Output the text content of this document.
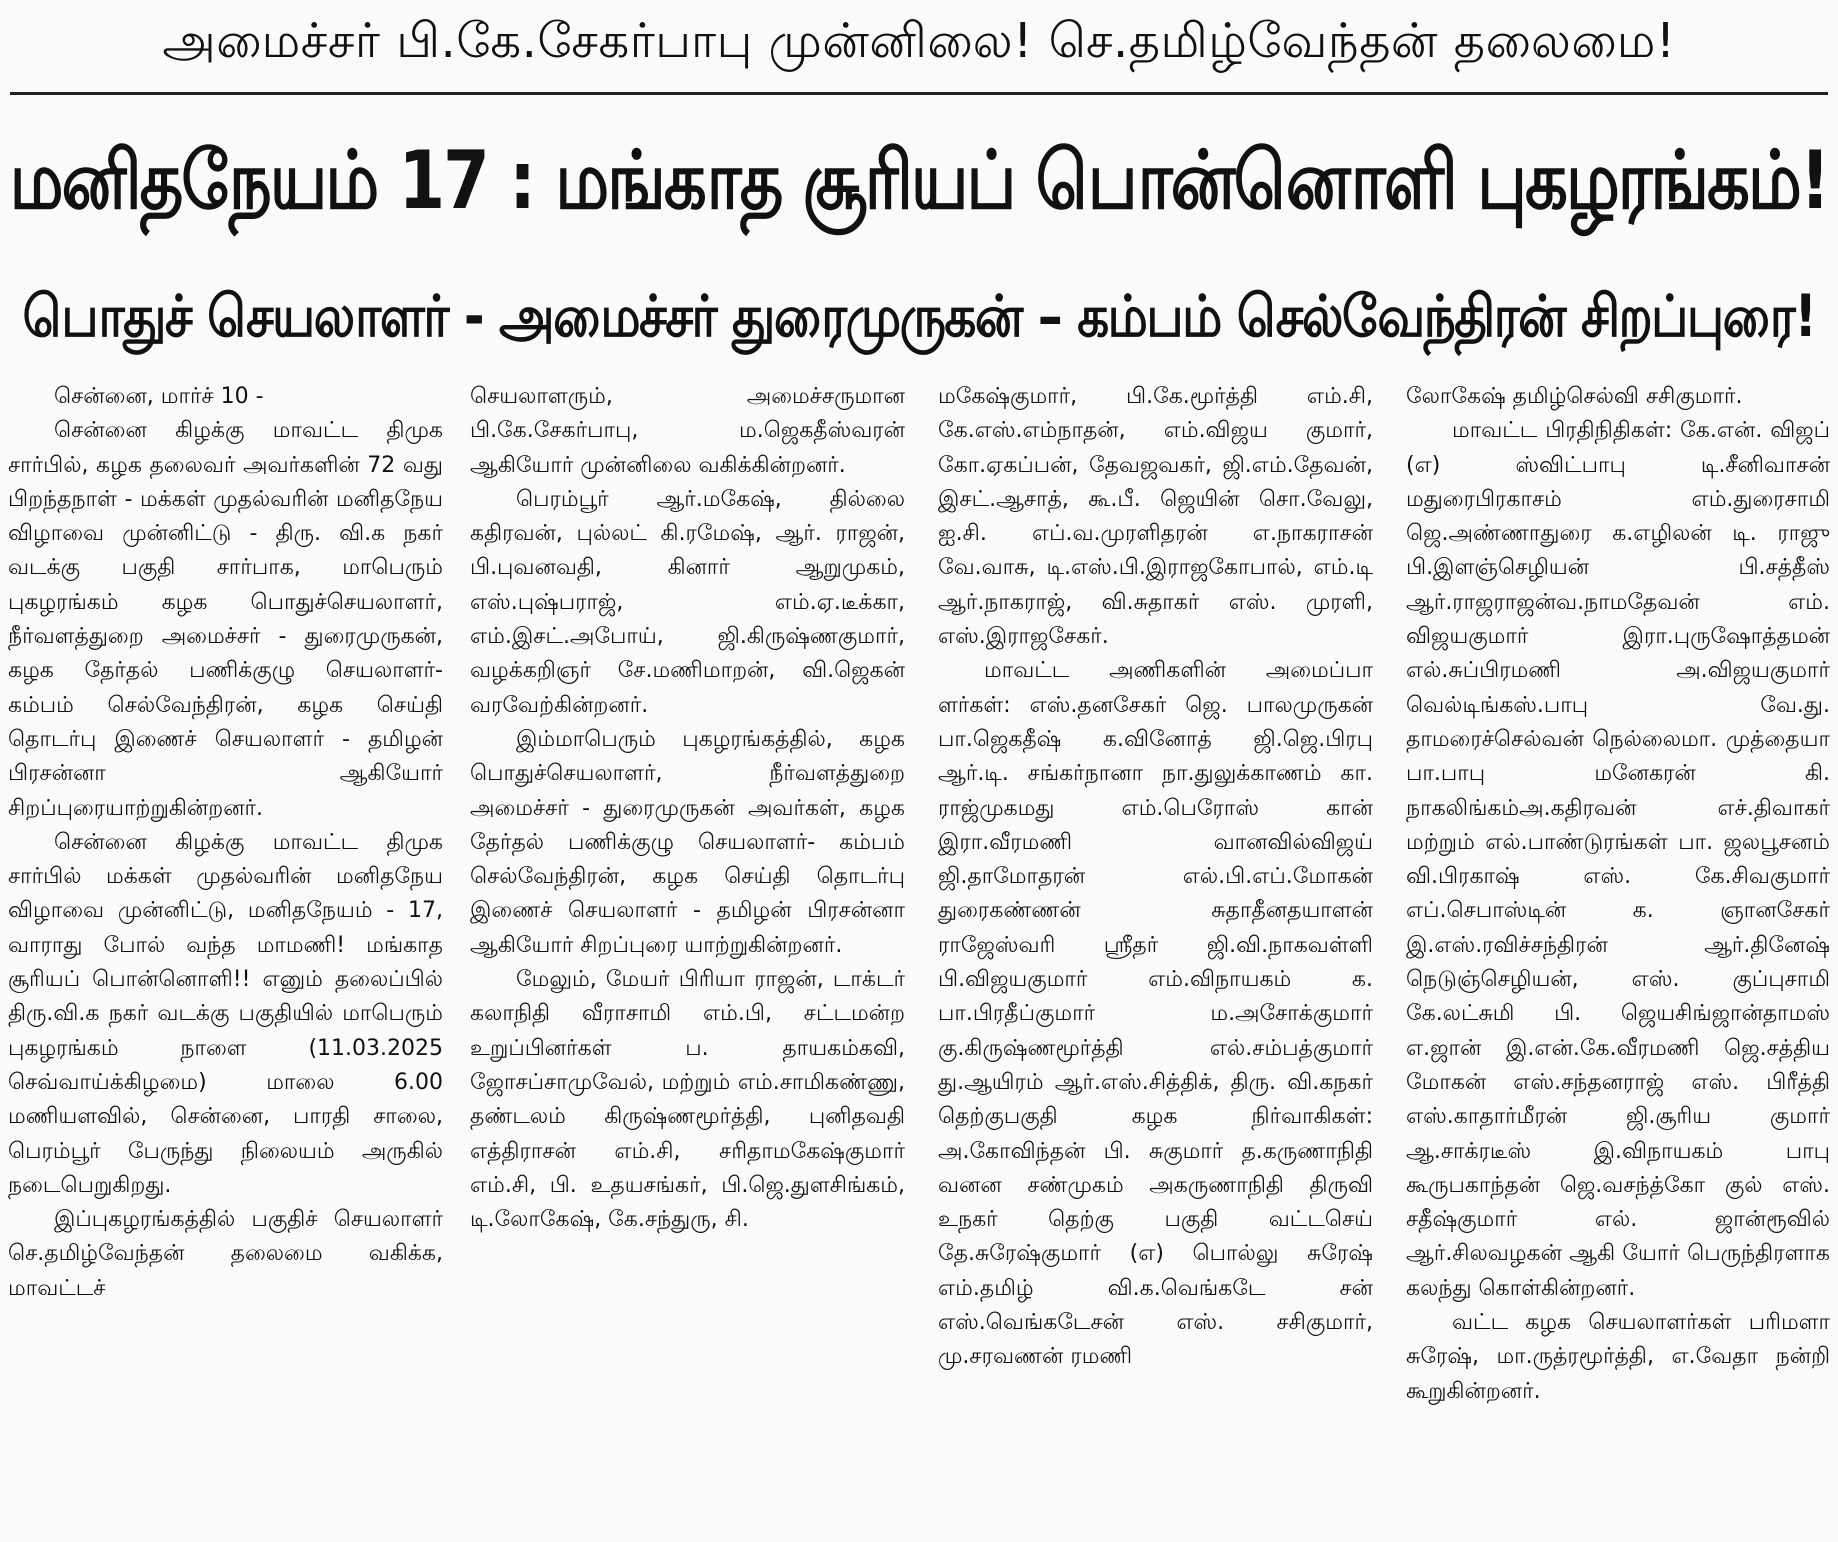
அமைச்சர் பி.கே.சேகர்பாபு முன்னிலை! செ.தமிழ்வேந்தன் தலைமை!
மனிதநேயம் 17 : மங்காத சூரியப் பொன்னொளி புகழரங்கம்!
பொதுச் செயலாளர் - அமைச்சர் துரைமுருகன் – கம்பம் செல்வேந்திரன் சிறப்புரை!

சென்னை, மார்ச் 10 -

சென்னை கிழக்கு மாவட்ட திமுக சார்பில், கழக தலைவர் அவர்களின் 72 வது பிறந்தநாள் - மக்கள் முதல்வரின் மனிதநேய விழாவை முன்னிட்டு - திரு. வி.க நகர் வடக்கு பகுதி சார்பாக, மாபெரும் புகழரங்கம் கழக பொதுச்செயலாளர், நீர்வளத்துறை அமைச்சர் - துரைமுருகன், கழக தேர்தல் பணிக்குழு செயலாளர்- கம்பம் செல்வேந்திரன், கழக செய்தி தொடர்பு இணைச் செயலாளர் - தமிழன் பிரசன்னா ஆகியோர் சிறப்புரையாற்றுகின்றனர்.

சென்னை கிழக்கு மாவட்ட திமுக சார்பில் மக்கள் முதல்வரின் மனிதநேய விழாவை முன்னிட்டு, மனிதநேயம் - 17, வாராது போல் வந்த மாமணி! மங்காத சூரியப் பொன்னொளி!! எனும் தலைப்பில் திரு.வி.க நகர் வடக்கு பகுதியில் மாபெரும் புகழரங்கம் நாளை (11.03.2025 செவ்வாய்க்கிழமை) மாலை 6.00 மணியளவில், சென்னை, பாரதி சாலை, பெரம்பூர் பேருந்து நிலையம் அருகில் நடைபெறுகிறது.

இப்புகழரங்கத்தில் பகுதிச் செயலாளர் செ.தமிழ்வேந்தன் தலைமை வகிக்க, மாவட்டச்

செயலாளரும், அமைச்சருமான பி.கே.சேகர்பாபு, ம.ஜெகதீஸ்வரன் ஆகியோர் முன்னிலை வகிக்கின்றனர்.

பெரம்பூர் ஆர்.மகேஷ், தில்லை கதிரவன், புல்லட் கி.ரமேஷ், ஆர். ராஜன், பி.புவனவதி, கினார் ஆறுமுகம், எஸ்.புஷ்பராஜ், எம்.ஏ.டீக்கா, எம்.இசட்.அபோய், ஜி.கிருஷ்ணகுமார், வழக்கறிஞர் சே.மணிமாறன், வி.ஜெகன் வரவேற்கின்றனர்.

இம்மாபெரும் புகழரங்கத்தில், கழக பொதுச்செயலாளர், நீர்வளத்துறை அமைச்சர் - துரைமுருகன் அவர்கள், கழக தேர்தல் பணிக்குழு செயலாளர்- கம்பம் செல்வேந்திரன், கழக செய்தி தொடர்பு இணைச் செயலாளர் - தமிழன் பிரசன்னா ஆகியோர் சிறப்புரை யாற்றுகின்றனர்.

மேலும், மேயர் பிரியா ராஜன், டாக்டர் கலாநிதி வீராசாமி எம்.பி, சட்டமன்ற உறுப்பினர்கள் ப. தாயகம்கவி, ஜோசப்சாமுவேல், மற்றும் எம்.சாமிகண்ணு, தண்டலம் கிருஷ்ணமூர்த்தி, புனிதவதி எத்திராசன் எம்.சி, சரிதாமகேஷ்குமார் எம்.சி, பி. உதயசங்கர், பி.ஜெ.துளசிங்கம், டி.லோகேஷ், கே.சந்துரு, சி.

மகேஷ்குமார், பி.கே.மூர்த்தி எம்.சி, கே.எஸ்.எம்நாதன், எம்.விஜய குமார், கோ.ஏகப்பன், தேவஜவகர், ஜி.எம்.தேவன், இசட்.ஆசாத், கூ.பீ. ஜெயின் சொ.வேலு, ஐ.சி. எப்.வ.முரளிதரன் எ.நாகராசன் வே.வாசு, டி.எஸ்.பி.இராஜகோபால், எம்.டி ஆர்.நாகராஜ், வி.சுதாகர் எஸ். முரளி, எஸ்.இராஜசேகர்.

மாவட்ட அணிகளின் அமைப்பா ளர்கள்: எஸ்.தனசேகர் ஜெ. பாலமுருகன் பா.ஜெகதீஷ் க.வினோத் ஜி.ஜெ.பிரபு ஆர்.டி. சங்கர்நானா நா.துலுக்காணம் கா. ராஜ்முகமது எம்.பெரோஸ் கான் இரா.வீரமணி வானவில்விஜய் ஜி.தாமோதரன் எல்.பி.எப்.மோகன் துரைகண்ணன் சுதாதீனதயாளன் ராஜேஸ்வரி ஸ்ரீதர் ஜி.வி.நாகவள்ளி பி.விஜயகுமார் எம்.விநாயகம் க. பா.பிரதீப்குமார் ம.அசோக்குமார் கு.கிருஷ்ணமூர்த்தி எல்.சம்பத்குமார் து.ஆயிரம் ஆர்.எஸ்.சித்திக், திரு. வி.கநகர் தெற்குபகுதி கழக நிர்வாகிகள்: அ.கோவிந்தன் பி. சுகுமார் த.கருணாநிதி வனன சண்முகம் அகருணாநிதி திருவி உநகர் தெற்கு பகுதி வட்டசெய் தே.சுரேஷ்குமார் (எ) பொல்லு சுரேஷ் எம்.தமிழ் வி.க.வெங்கடே சன் எஸ்.வெங்கடேசன் எஸ். சசிகுமார், மு.சரவணன் ரமணி

லோகேஷ் தமிழ்செல்வி சசிகுமார்.

மாவட்ட பிரதிநிதிகள்: கே.என். விஜப் (எ) ஸ்விட்பாபு டி.சீனிவாசன் மதுரைபிரகாசம் எம்.துரைசாமி ஜெ.அண்ணாதுரை க.எழிலன் டி. ராஜு பி.இளஞ்செழியன் பி.சத்தீஸ் ஆர்.ராஜராஜன்வ.நாமதேவன் எம். விஜயகுமார் இரா.புருஷோத்தமன் எல்.சுப்பிரமணி அ.விஜயகுமார் வெல்டிங்கஸ்.பாபு வே.து. தாமரைச்செல்வன் நெல்லைமா. முத்தையா பா.பாபு மனேகரன் கி. நாகலிங்கம்அ.கதிரவன் எச்.திவாகர் மற்றும் எல்.பாண்டுரங்கள் பா. ஜலபூசனம் வி.பிரகாஷ் எஸ். கே.சிவகுமார் எப்.செபாஸ்டின் க. ஞானசேகர் இ.எஸ்.ரவிச்சந்திரன் ஆர்.தினேஷ் நெடுஞ்செழியன், எஸ். குப்புசாமி கே.லட்சுமி பி. ஜெயசிங்ஜான்தாமஸ் எ.ஜான் இ.என்.கே.வீரமணி ஜெ.சத்திய மோகன் எஸ்.சந்தனராஜ் எஸ். பிரீத்தி எஸ்.காதார்மீரன் ஜி.சூரிய குமார் ஆ.சாக்ரடீஸ் இ.விநாயகம் பாபு கூருபகாந்தன் ஜெ.வசந்த்கோ குல் எஸ். சதீஷ்குமார் எல். ஜான்ரூவில் ஆர்.சிலவழகன் ஆகி யோர் பெருந்திரளாக கலந்து கொள்கின்றனர்.

வட்ட கழக செயலாளர்கள் பரிமளா சுரேஷ், மா.ருத்ரமூர்த்தி, எ.வேதா நன்றி கூறுகின்றனர்.
